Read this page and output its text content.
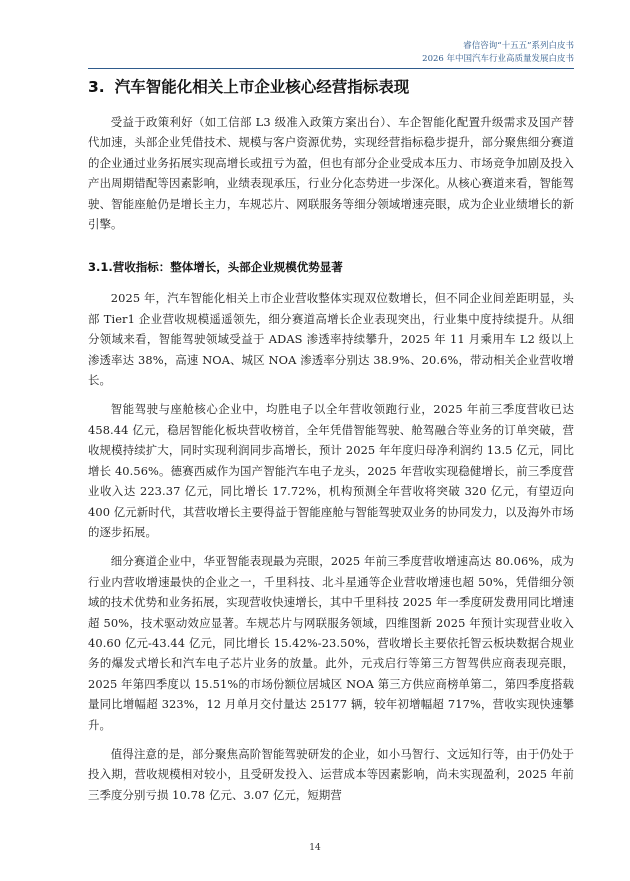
睿信咨询“十五五”系列白皮书
2026 年中国汽车行业高质量发展白皮书
3. 汽车智能化相关上市企业核心经营指标表现

受益于政策利好（如工信部 L3 级准入政策方案出台）、车企智能化配置升级需求及国产替代加速，头部企业凭借技术、规模与客户资源优势，实现经营指标稳步提升，部分聚焦细分赛道的企业通过业务拓展实现高增长或扭亏为盈，但也有部分企业受成本压力、市场竞争加剧及投入产出周期错配等因素影响，业绩表现承压，行业分化态势进一步深化。从核心赛道来看，智能驾驶、智能座舱仍是增长主力，车规芯片、网联服务等细分领域增速亮眼，成为企业业绩增长的新引擎。

3.1.营收指标：整体增长，头部企业规模优势显著

2025 年，汽车智能化相关上市企业营收整体实现双位数增长，但不同企业间差距明显，头部 Tier1 企业营收规模遥遥领先，细分赛道高增长企业表现突出，行业集中度持续提升。从细分领域来看，智能驾驶领域受益于 ADAS 渗透率持续攀升，2025 年 11 月乘用车 L2 级以上渗透率达 38%，高速 NOA、城区 NOA 渗透率分别达 38.9%、20.6%，带动相关企业营收增长。

智能驾驶与座舱核心企业中，均胜电子以全年营收领跑行业，2025 年前三季度营收已达 458.44 亿元，稳居智能化板块营收榜首，全年凭借智能驾驶、舱驾融合等业务的订单突破，营收规模持续扩大，同时实现利润同步高增长，预计 2025 年年度归母净利润约 13.5 亿元，同比增长 40.56%。德赛西威作为国产智能汽车电子龙头，2025 年营收实现稳健增长，前三季度营业收入达 223.37 亿元，同比增长 17.72%，机构预测全年营收将突破 320 亿元，有望迈向 400 亿元新时代，其营收增长主要得益于智能座舱与智能驾驶双业务的协同发力，以及海外市场的逐步拓展。

细分赛道企业中，华亚智能表现最为亮眼，2025 年前三季度营收增速高达 80.06%，成为行业内营收增速最快的企业之一，千里科技、北斗星通等企业营收增速也超 50%，凭借细分领域的技术优势和业务拓展，实现营收快速增长，其中千里科技 2025 年一季度研发费用同比增速超 50%，技术驱动效应显著。车规芯片与网联服务领域，四维图新 2025 年预计实现营业收入 40.60 亿元-43.44 亿元，同比增长 15.42%-23.50%，营收增长主要依托智云板块数据合规业务的爆发式增长和汽车电子芯片业务的放量。此外，元戎启行等第三方智驾供应商表现亮眼，2025 年第四季度以 15.51%的市场份额位居城区 NOA 第三方供应商榜单第二，第四季度搭载量同比增幅超 323%，12 月单月交付量达 25177 辆，较年初增幅超 717%，营收实现快速攀升。

值得注意的是，部分聚焦高阶智能驾驶研发的企业，如小马智行、文远知行等，由于仍处于投入期，营收规模相对较小，且受研发投入、运营成本等因素影响，尚未实现盈利，2025 年前三季度分别亏损 10.78 亿元、3.07 亿元，短期营

14
